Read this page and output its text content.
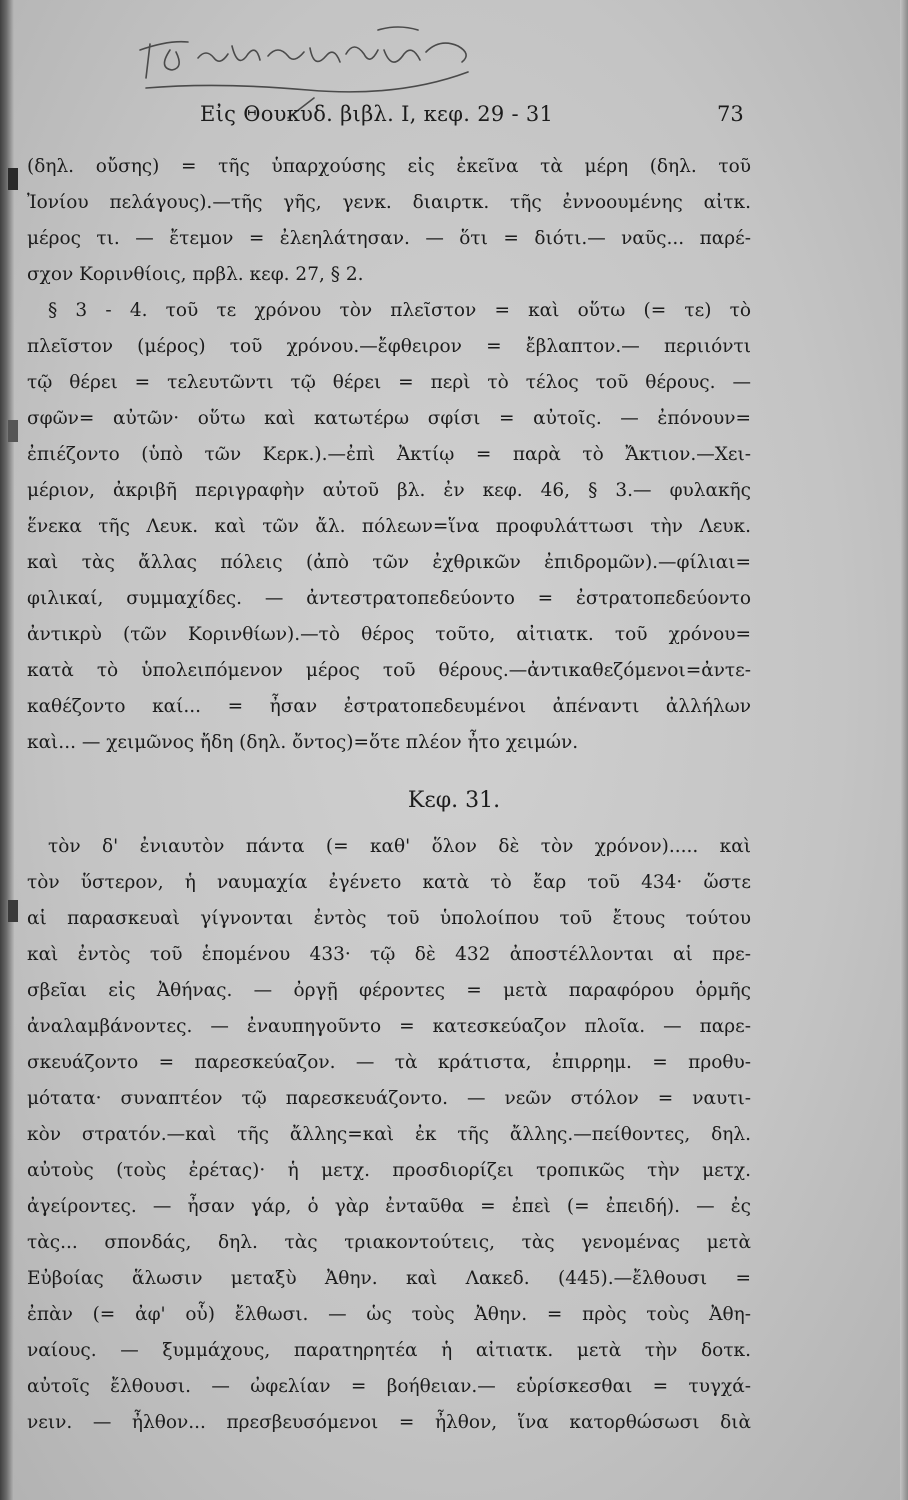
Εἰς Θουκυδ. βιβλ. Ι, κεφ. 29 - 31	73
(δηλ. οὔσης) = τῆς ὑπαρχούσης εἰς ἐκεῖνα τὰ μέρη (δηλ. τοῦ
Ἰονίου πελάγους).—τῆς γῆς, γενκ. διαιρτκ. τῆς ἐννοουμένης αἰτκ.
μέρος τι. — ἔτεμον = ἐλεηλάτησαν. — ὅτι = διότι.— ναῦς... παρέ-
σχον Κορινθίοις, πρβλ. κεφ. 27, § 2.
§ 3 - 4. τοῦ τε χρόνου τὸν πλεῖστον = καὶ οὕτω (= τε) τὸ
πλεῖστον (μέρος) τοῦ χρόνου.—ἔφθειρον = ἔβλαπτον.— περιιόντι
τῷ θέρει = τελευτῶντι τῷ θέρει = περὶ τὸ τέλος τοῦ θέρους. —
σφῶν= αὐτῶν· οὕτω καὶ κατωτέρω σφίσι = αὐτοῖς. — ἐπόνουν=
ἐπιέζοντο (ὑπὸ τῶν Κερκ.).—ἐπὶ Ἀκτίῳ = παρὰ τὸ Ἄκτιον.—Χει-
μέριον, ἀκριβῆ περιγραφὴν αὐτοῦ βλ. ἐν κεφ. 46, § 3.— φυλακῆς
ἕνεκα τῆς Λευκ. καὶ τῶν ἄλ. πόλεων=ἵνα προφυλάττωσι τὴν Λευκ.
καὶ τὰς ἄλλας πόλεις (ἀπὸ τῶν ἐχθρικῶν ἐπιδρομῶν).—φίλιαι=
φιλικαί, συμμαχίδες. — ἀντεστρατοπεδεύοντο = ἐστρατοπεδεύοντο
ἀντικρὺ (τῶν Κορινθίων).—τὸ θέρος τοῦτο, αἰτιατκ. τοῦ χρόνου=
κατὰ τὸ ὑπολειπόμενον μέρος τοῦ θέρους.—ἀντικαθεζόμενοι=ἀντε-
καθέζοντο καί... = ἦσαν ἐστρατοπεδευμένοι ἀπέναντι ἀλλήλων
καὶ... — χειμῶνος ἤδη (δηλ. ὄντος)=ὅτε πλέον ἦτο χειμών.
Κεφ. 31.
τὸν δ' ἐνιαυτὸν πάντα (= καθ' ὅλον δὲ τὸν χρόνον)..... καὶ
τὸν ὕστερον, ἡ ναυμαχία ἐγένετο κατὰ τὸ ἔαρ τοῦ 434· ὥστε
αἱ παρασκευαὶ γίγνονται ἐντὸς τοῦ ὑπολοίπου τοῦ ἔτους τούτου
καὶ ἐντὸς τοῦ ἑπομένου 433· τῷ δὲ 432 ἀποστέλλονται αἱ πρε-
σβεῖαι εἰς Ἀθήνας. — ὀργῇ φέροντες = μετὰ παραφόρου ὁρμῆς
ἀναλαμβάνοντες. — ἐναυπηγοῦντο = κατεσκεύαζον πλοῖα. — παρε-
σκευάζοντο = παρεσκεύαζον. — τὰ κράτιστα, ἐπιρρημ. = προθυ-
μότατα· συναπτέον τῷ παρεσκευάζοντο. — νεῶν στόλον = ναυτι-
κὸν στρατόν.—καὶ τῆς ἄλλης=καὶ ἐκ τῆς ἄλλης.—πείθοντες, δηλ.
αὐτοὺς (τοὺς ἐρέτας)· ἡ μετχ. προσδιορίζει τροπικῶς τὴν μετχ.
ἀγείροντες. — ἦσαν γάρ, ὁ γὰρ ἐνταῦθα = ἐπεὶ (= ἐπειδή). — ἐς
τὰς... σπονδάς, δηλ. τὰς τριακοντούτεις, τὰς γενομένας μετὰ
Εὐβοίας ἅλωσιν μεταξὺ Ἀθην. καὶ Λακεδ. (445).—ἔλθουσι =
ἐπὰν (= ἀφ' οὗ) ἔλθωσι. — ὡς τοὺς Ἀθην. = πρὸς τοὺς Ἀθη-
ναίους. — ξυμμάχους, παρατηρητέα ἡ αἰτιατκ. μετὰ τὴν δοτκ.
αὐτοῖς ἔλθουσι. — ὠφελίαν = βοήθειαν.— εὑρίσκεσθαι = τυγχά-
νειν. — ἦλθον... πρεσβευσόμενοι = ἦλθον, ἵνα κατορθώσωσι διὰ
